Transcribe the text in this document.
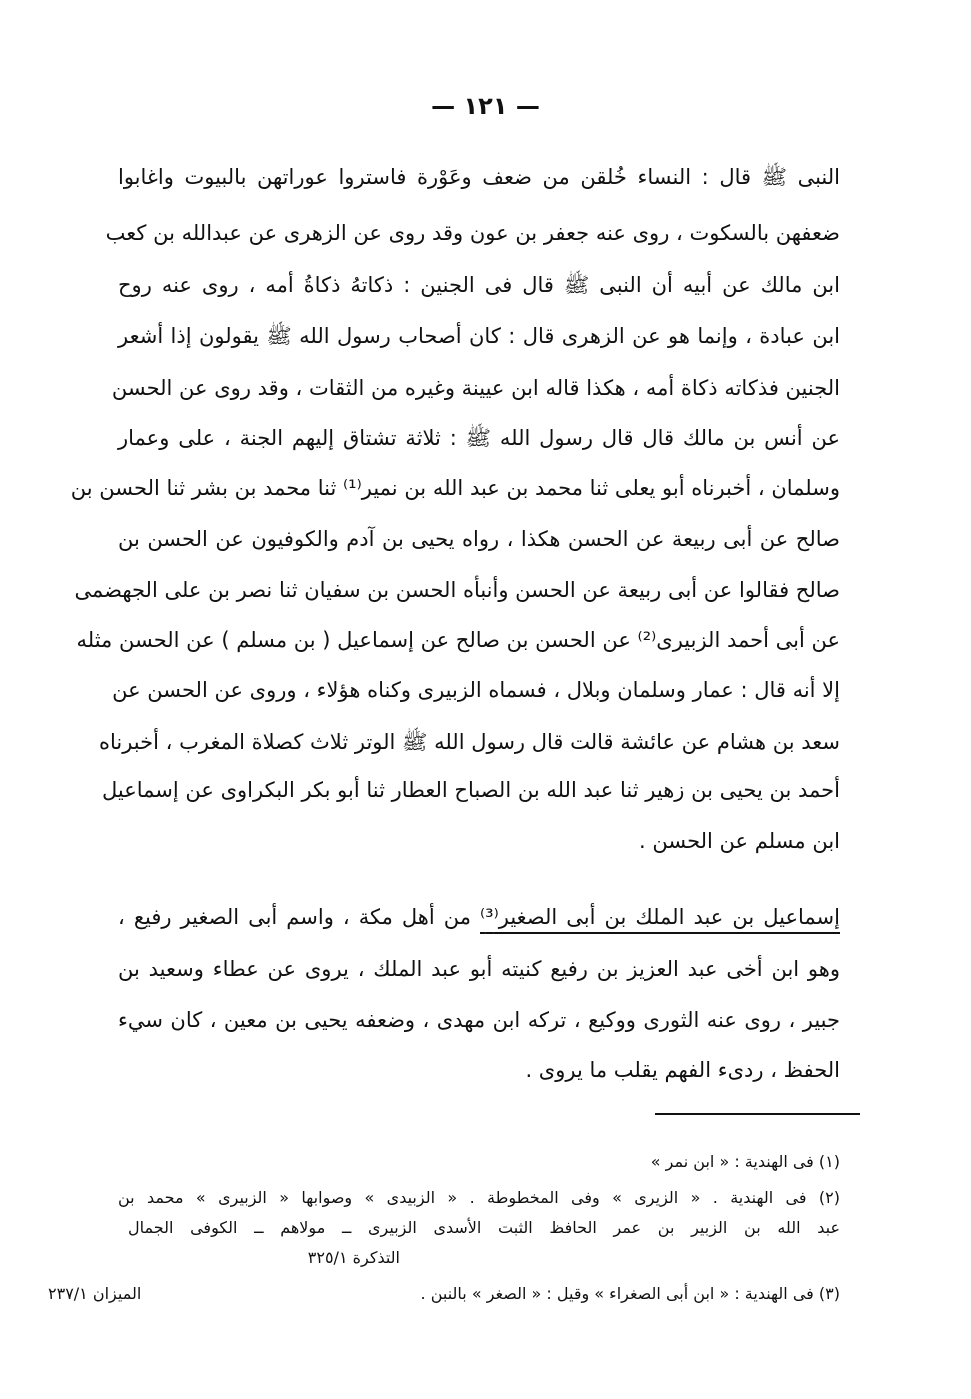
— ١٢١ —
النبى ﷺ قال : النساء خُلقن من ضعف وعَوْرة فاستروا عوراتهن بالبيوت واغابوا
ضعفهن بالسكوت ، روى عنه جعفر بن عون وقد روى عن الزهرى عن عبدالله بن كعب
ابن مالك عن أبيه أن النبى ﷺ قال فى الجنين : ذكاتهُ ذكاةُ أمه ، روى عنه روح
ابن عبادة ، وإنما هو عن الزهرى قال : كان أصحاب رسول الله ﷺ يقولون إذا أشعر
الجنين فذكاته ذكاة أمه ، هكذا قاله ابن عيينة وغيره من الثقات ، وقد روى عن الحسن
عن أنس بن مالك قال قال رسول الله ﷺ : ثلاثة تشتاق إليهم الجنة ، على وعمار
وسلمان ، أخبرناه أبو يعلى ثنا محمد بن عبد الله بن نمير⁽¹⁾ ثنا محمد بن بشر ثنا الحسن بن
صالح عن أبى ربيعة عن الحسن هكذا ، رواه يحيى بن آدم والكوفيون عن الحسن بن
صالح فقالوا عن أبى ربيعة عن الحسن وأنبأه الحسن بن سفيان ثنا نصر بن على الجهضمى
عن أبى أحمد الزبيرى⁽²⁾ عن الحسن بن صالح عن إسماعيل ( بن مسلم ) عن الحسن مثله
إلا أنه قال : عمار وسلمان وبلال ، فسماه الزبيرى وكناه هؤلاء ، وروى عن الحسن عن
سعد بن هشام عن عائشة قالت قال رسول الله ﷺ الوتر ثلاث كصلاة المغرب ، أخبرناه
أحمد بن يحيى بن زهير ثنا عبد الله بن الصباح العطار ثنا أبو بكر البكراوى عن إسماعيل
ابن مسلم عن الحسن .
إسماعيل بن عبد الملك بن أبى الصغير⁽³⁾ من أهل مكة ، واسم أبى الصغير رفيع ،
وهو ابن أخى عبد العزيز بن رفيع كنيته أبو عبد الملك ، يروى عن عطاء وسعيد بن
جبير ، روى عنه الثورى ووكيع ، تركه ابن مهدى ، وضعفه يحيى بن معين ، كان سيء
الحفظ ، ردىء الفهم يقلب ما يروى .
(١) فى الهندية : « ابن نمر »
(٢) فى الهندية . « الزيرى » وفى المخطوطة . « الزبيدى » وصوابها « الزبيرى » محمد بن
عبد الله بن الزبير بن عمر الحافظ الثبت الأسدى الزبيرى ــ مولاهم ــ الكوفى الجمال
التذكرة ٣٢٥/١
(٣) فى الهندية : « ابن أبى الصغراء » وقيل : « الصغر » بالنبن .
الميزان ٢٣٧/١
